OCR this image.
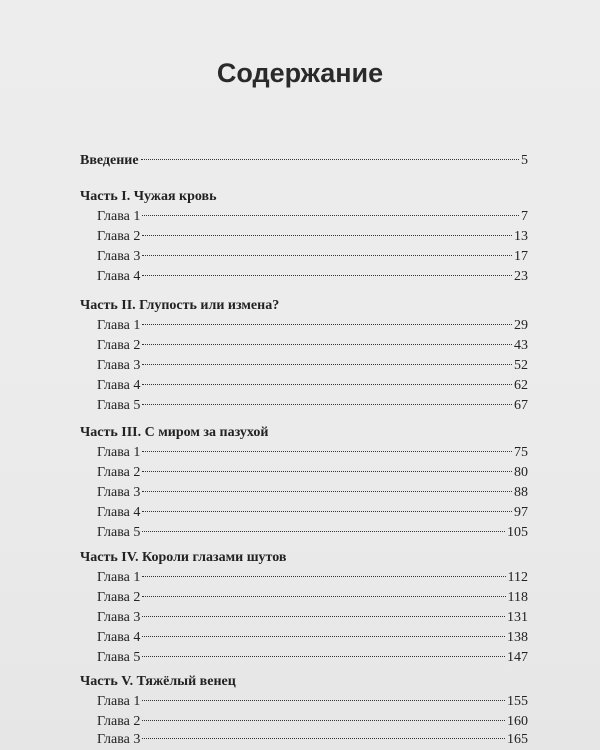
Содержание
Введение	5
Часть I. Чужая кровь
Глава 1	7
Глава 2	13
Глава 3	17
Глава 4	23
Часть II. Глупость или измена?
Глава 1	29
Глава 2	43
Глава 3	52
Глава 4	62
Глава 5	67
Часть III. С миром за пазухой
Глава 1	75
Глава 2	80
Глава 3	88
Глава 4	97
Глава 5	105
Часть IV. Короли глазами шутов
Глава 1	112
Глава 2	118
Глава 3	131
Глава 4	138
Глава 5	147
Часть V. Тяжёлый венец
Глава 1	155
Глава 2	160
Глава 3	165
